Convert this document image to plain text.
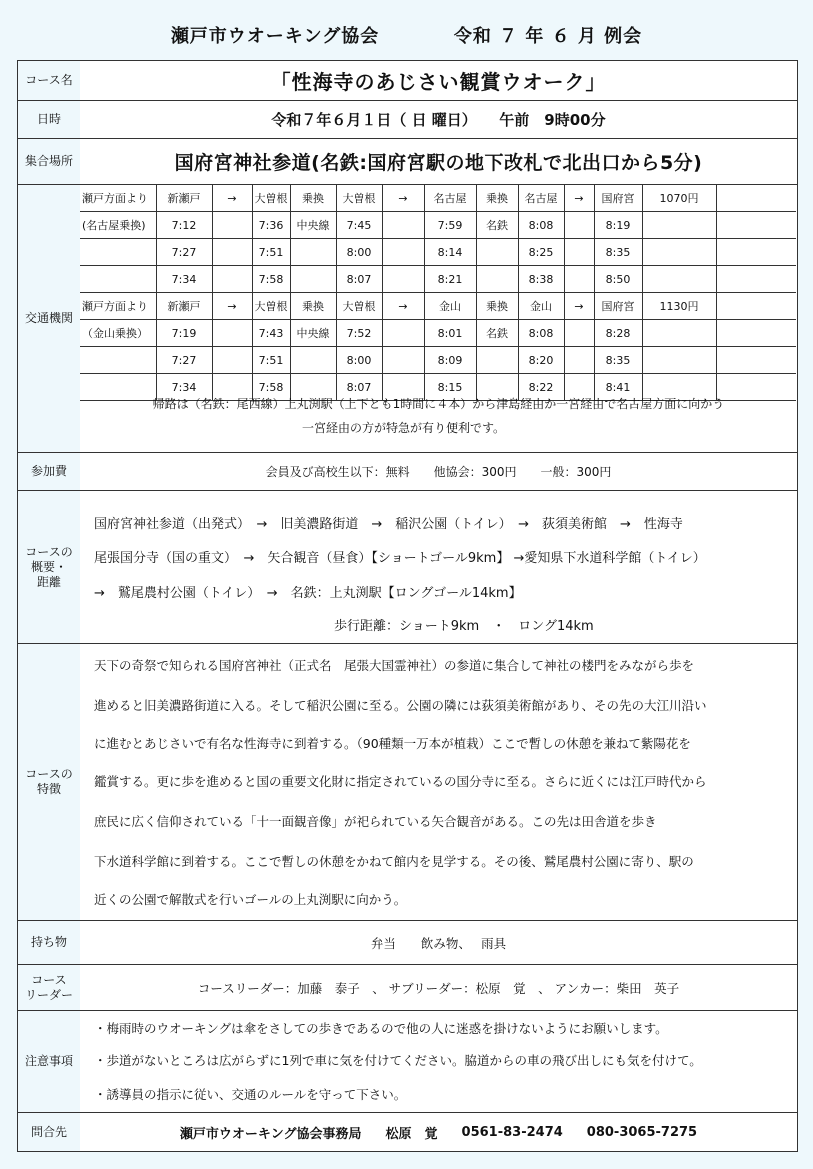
瀬戸市ウオーキング協会	令和 ７ 年 ６ 月 例会
コース名	「性海寺のあじさい観賞ウオーク」
日時	令和７年６月１日（ 日 曜日）　　午前　9時00分
集合場所	国府宮神社参道(名鉄:国府宮駅の地下改札で北出口から5分)
交通機関
瀬戸方面より	新瀬戸	→	大曽根	乗換	大曽根	→	名古屋	乗換	名古屋	→	国府宮	1070円	
(名古屋乗換)	7:12		7:36	中央線	7:45		7:59	名鉄	8:08		8:19		
	7:27		7:51		8:00		8:14		8:25		8:35		
	7:34		7:58		8:07		8:21		8:38		8:50		
瀬戸方面より	新瀬戸	→	大曽根	乗換	大曽根	→	金山	乗換	金山	→	国府宮	1130円	
（金山乗換）	7:19		7:43	中央線	7:52		8:01	名鉄	8:08		8:28		
	7:27		7:51		8:00		8:09		8:20		8:35		
	7:34		7:58		8:07		8:15		8:22		8:41		
帰路は（名鉄：尾西線）上丸渕駅（上下とも1時間に４本）から津島経由か一宮経由で名古屋方面に向かう
一宮経由の方が特急が有り便利です。
参加費	会員及び高校生以下：無料　　他協会：300円　　一般：300円
コースの
概要・
距離

国府宮神社参道（出発式）　→　旧美濃路街道　→　稲沢公園（トイレ）　→　荻須美術館　→　性海寺

尾張国分寺（国の重文）　→　矢合観音（昼食）【ショートゴール9km】 →愛知県下水道科学館（トイレ）

→　鷲尾農村公園（トイレ）　→　名鉄：上丸渕駅【ロングゴール14km】

歩行距離：ショート9km　・　ロング14km

コースの
特徴

天下の奇祭で知られる国府宮神社（正式名　尾張大国霊神社）の参道に集合して神社の楼門をみながら歩を

進めると旧美濃路街道に入る。そして稲沢公園に至る。公園の隣には荻須美術館があり、その先の大江川沿い

に進むとあじさいで有名な性海寺に到着する。（90種類一万本が植栽）ここで暫しの休憩を兼ねて紫陽花を

鑑賞する。更に歩を進めると国の重要文化財に指定されているの国分寺に至る。さらに近くには江戸時代から

庶民に広く信仰されている「十一面観音像」が祀られている矢合観音がある。この先は田舎道を歩き

下水道科学館に到着する。ここで暫しの休憩をかねて館内を見学する。その後、鷲尾農村公園に寄り、駅の

近くの公園で解散式を行いゴールの上丸渕駅に向かう。

持ち物	弁当　　飲み物、　 雨具
コース
リーダー	コースリーダー：加藤　泰子　、 サブリーダー：松原　覚　、 アンカー：柴田　英子
注意事項

・梅雨時のウオーキングは傘をさしての歩きであるので他の人に迷惑を掛けないようにお願いします。

・歩道がないところは広がらずに1列で車に気を付けてください。脇道からの車の飛び出しにも気を付けて。

・誘導員の指示に従い、交通のルールを守って下さい。

問合先	瀬戸市ウオーキング協会事務局 松原　覚 0561-83-2474 080-3065-7275
